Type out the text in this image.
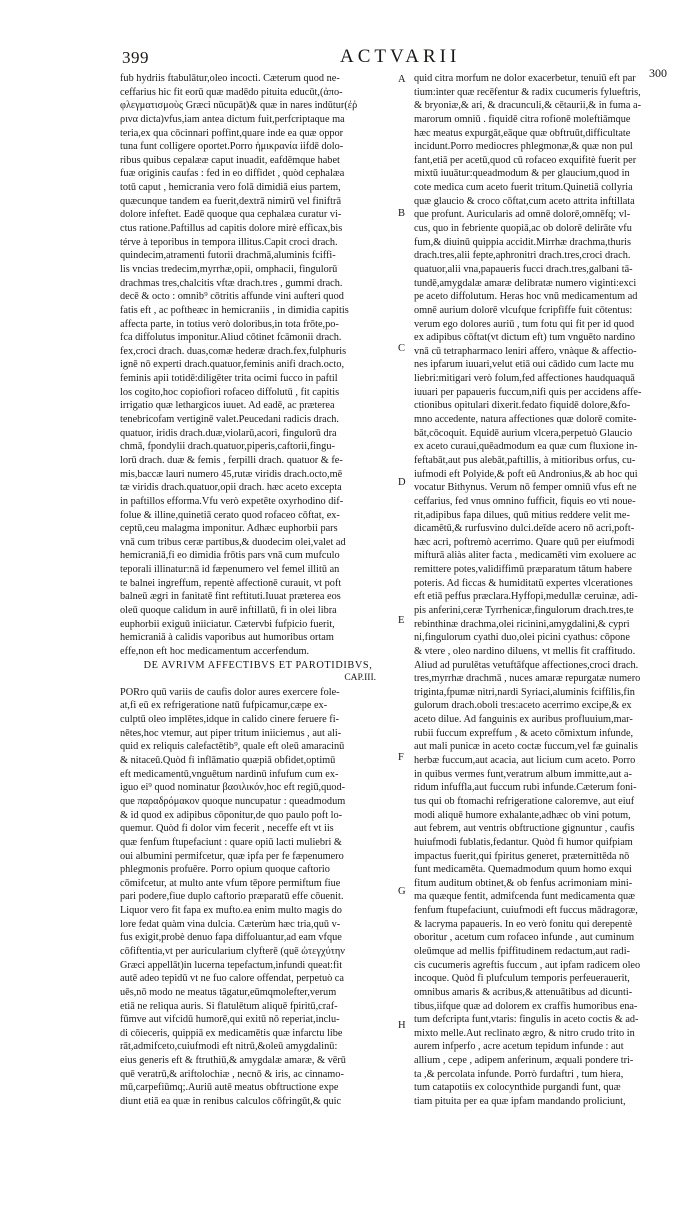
399	ACTVARII
300
fub hydriis ftabulātur,oleo incocti. Cæterum quod ne-
ceffarius hic fit eorū quæ madēdo pituita educūt,(ἀπο-
φλεγματισμοὺς Græci nūcupāt)& quæ in nares indūtur(ἐῤ
ρινα dicta)vfus,iam antea dictum fuit,perfcriptaque ma
teria,ex qua cōcinnari poffint,quare inde ea quæ oppor
tuna funt colligere oportet.Porro ἡμικρανία iifdē dolo-
ribus quibus cepalææ caput inuadit, eafdēmque habet
fuæ originis caufas : fed in eo diffidet , quòd cephalæa
totū caput , hemicrania vero folā dimidiā eius partem,
quæcunque tandem ea fuerit,dextrā nimirū vel finiftrā
dolore infeftet. Eadē quoque qua cephalæa curatur vi-
ctus ratione.Paftillus ad capitis dolore mirè efficax,bis
térve à teporibus in tempora illitus.Capit croci drach.
quindecim,atramenti futorii drachmā,aluminis fciffi-
lis vncias tredecim,myrrhæ,opii, omphacii, fingulorū
drachmas tres,chalcitis vftæ drach.tres , gummi drach.
decē & octo : omnib⁹ cōtritis affunde vini aufteri quod
fatis eft , ac poftheæc in hemicraniis , in dimidia capitis
affecta parte, in totius verò doloribus,in tota frōte,po-
fca diffolutus imponitur.Aliud cōtinet fcāmonii drach.
fex,croci drach. duas,comæ hederæ drach.fex,fulphuris
ignē nō experti drach.quatuor,feminis anifi drach.octo,
feminis apii totidē:diligēter trita ocimi fucco in paftil
los cogito,hoc copiofiori rofaceo diffolutū , fit capitis
irrigatio quæ lethargicos iuuet. Ad eadē, ac præterea
tenebricofam vertiginē valet.Peucedani radicis drach.
quatuor, iridis drach.duæ,violarū,acori, fingulorū dra
chmā, fpondylii drach.quatuor,piperis,caftorii,fingu-
lorū drach. duæ & femis , ferpilli drach. quatuor & fe-
mis,baccæ lauri numero 45,rutæ viridis drach.octo,mē
tæ viridis drach.quatuor,opii drach. hæc aceto excepta
in paftillos efforma.Vfu verò expetēte oxyrhodino dif-
folue & illine,quinetiā cerato quod rofaceo cōftat, ex-
ceptū,ceu malagma imponitur. Adhæc euphorbii pars
vnā cum tribus ceræ partibus,& duodecim olei,valet ad
hemicraniā,fi eo dimidia frōtis pars vnā cum mufculo
teporali illinatur:nā id fæpenumero vel femel illitū an
te balnei ingreffum, repentè affectionē curauit, vt poft
balneū ægri in fanitatē fint reftituti.Iuuat præterea eos
oleū quoque calidum in aurē inftillatū, fi in olei libra
euphorbii exiguū iniiciatur. Cætervbi fufpicio fuerit,
hemicraniā à calidis vaporibus aut humoribus ortam
effe,non eft hoc medicamentum accerfendum.
DE AVRIVM AFFECTIBVS ET PAROTIDIBVS,
CAP.III.
PORro quū variis de caufis dolor aures exercere fole-
at,fi eū ex refrigeratione natū fufpicamur,cæpe ex-
culptū oleo implētes,idque in calido cinere feruere fi-
nētes,hoc vtemur, aut piper tritum iniiciemus , aut ali-
quid ex reliquis calefactētib⁹, quale eft oleū amaracinū
& nitaceū.Quòd fi inflāmatio quæpiā obfidet,optimū
eft medicamentū,vnguētum nardinū infufum cum ex-
iguo ei⁹ quod nominatur βασιλικόν,hoc eft regiū,quod-
que παραδρόμακον quoque nuncupatur : queadmodum
& id quod ex adipibus cōponitur,de quo paulo poft lo-
quemur. Quòd fi dolor vim fecerit , neceffe eft vt iis
quæ fenfum ftupefaciunt : quare opiū lacti muliebri &
oui albumini permifcetur, quæ ipfa per fe fæpenumero
phlegmonis profuēre. Porro opium quoque caftorio
cōmifcetur, at multo ante vfum tēpore permiftum fiue
pari podere,fiue duplo caftorio præparatū effe cōuenit.
Liquor vero fit fapa ex mufto.ea enim multo magis do
lore fedat quàm vina dulcia. Cæterùm hæc tria,quū v-
fus exigit,probè denuo fapa diffoluantur,ad eam vfque
cōfiftentia,vt per auricularium clyfterē (quē ὠτεγχύτην
Græci appellāt)in lucerna tepefactum,infundi queat:fit
autē adeo tepidū vt ne fuo calore offendat, perpetuò ca
uēs,nō modo ne meatus tāgatur,eūmqmolefter,verum
etiā ne reliqua auris. Si flatulētum aliquē fpiritū,craf-
fūmve aut vifcidū humorē,qui exitū nō reperiat,inclu-
di cōieceris, quippiā ex medicamētis quæ infarctu libe
rāt,admifceto,cuiufmodi eft nitrū,&oleū amygdalinū:
eius generis eft & ftruthiū,& amygdalæ amaræ, & vērū
quē veratrū,& ariftolochiæ , necnō & iris, ac cinnamo-
mū,carpefiūmq;.Auriū autē meatus obftructione expe
diunt etiā ea quæ in renibus calculos cōfringūt,& quic
quid citra morfum ne dolor exacerbetur, tenuiū eft par
tium:inter quæ recēfentur & radix cucumeris fylueftris,
& bryoniæ,& ari, & dracunculi,& cētaurii,& in fuma a-
marorum omniū . fiquidē citra rofionē moleftiāmque
hæc meatus expurgāt,eāque quæ obftruūt,difficultate
incidunt.Porro mediocres phlegmonæ,& quæ non pul
fant,etiā per acetū,quod cū rofaceo exquifitè fuerit per
mixtū iuuātur:queadmodum & per glaucium,quod in
cote medica cum aceto fuerit tritum.Quinetiā collyria
quæ glaucio & croco cōftat,cum aceto attrita inftillata
que profunt. Auricularis ad omnē dolorē,omnēfq; vl-
cus, quo in febriente quopiā,ac ob dolorē delirāte vfu
fum,& diuinū quippia accidit.Mirrhæ drachma,thuris
drach.tres,alii fepte,aphronitri drach.tres,croci drach.
quatuor,alii vna,papaueris fucci drach.tres,galbani tā-
tundē,amygdalæ amaræ delibratæ numero viginti:exci
pe aceto diffolutum. Heras hoc vnū medicamentum ad
omnē aurium dolorē vlcufque fcripfiffe fuit cōtentus:
verum ego dolores auriū , tum fotu qui fit per id quod
ex adipibus cōftat(vt dictum eft) tum vnguēto nardino
vnā cū tetrapharmaco leniri affero, vnàque & affectio-
nes ipfarum iuuari,velut etiā oui cādido cum lacte mu
liebri:mitigari verò folum,fed affectiones haudquaquā
iuuari per papaueris fuccum,nifi quis per accidens affe-
ctionibus opitulari dixerit.fedato fiquidē dolore,&fo-
mno accedente, natura affectiones quæ dolorē comite-
bāt,cōcoquit. Equidē aurium vlcera,perpetuò Glaucio
ex aceto curaui,quēadmodum ea quæ cum fluxione in-
feftabāt,aut pus alebāt,paftillis, à mitioribus orfus, cu-
iufmodi eft Polyide,& poft eū Andronius,& ab hoc qui
vocatur Bithynus. Verum nō femper omniū vfus eft ne
ceffarius, fed vnus omnino fufficit, fiquis eo vti noue-
rit,adipibus fapa dilues, quū mitius reddere velit me-
dicamētū,& rurfusvino dulci.deīde acero nō acri,poft-
hæc acri, poftremò acerrimo. Quare quū per eiufmodi
mifturā aliàs aliter facta , medicamēti vim exoluere ac
remittere potes,validiffimū præparatum tātum habere
poteris. Ad ficcas & humiditatū expertes vlcerationes
eft etiā peffus præclara.Hyffopi,medullæ ceruinæ, adi-
pis anferini,ceræ Tyrrhenicæ,fingulorum drach.tres,te
rebinthinæ drachma,olei ricinini,amygdalini,& cypri
ni,fingulorum cyathi duo,olei picini cyathus: cōpone
& vtere , oleo nardino diluens, vt mellis fit craffitudo.
Aliud ad purulētas vetuftāfque affectiones,croci drach.
tres,myrrhæ drachmā , nuces amaræ repurgatæ numero
triginta,fpumæ nitri,nardi Syriaci,aluminis fciffilis,fin
gulorum drach.oboli tres:aceto acerrimo excipe,& ex
aceto dilue. Ad fanguinis ex auribus profluuium,mar-
rubii fuccum expreffum , & aceto cōmixtum infunde,
aut mali punicæ in aceto coctæ fuccum,vel fæ guinalis
herbæ fuccum,aut acacia, aut licium cum aceto. Porro
in quibus vermes funt,veratrum album immitte,aut a-
ridum infuffla,aut fuccum rubi infunde.Cæterum foni-
tus qui ob ftomachi refrigeratione caloremve, aut eiuf
modi aliquē humore exhalante,adhæc ob vini potum,
aut febrem, aut ventris obftructione gignuntur , caufis
huiufmodi fublatis,fedantur. Quòd fi humor quifpiam
impactus fuerit,qui fpiritus generet, præternittēda nō
funt medicamēta. Quemadmodum quum homo exqui
fitum auditum obtinet,& ob fenfus acrimoniam mini-
ma quæque fentit, admifcenda funt medicamenta quæ
fenfum ftupefaciunt, cuiufmodi eft fuccus mādragoræ,
& lacryma papaueris. In eo verò fonitu qui derepentè
oboritur , acetum cum rofaceo infunde , aut cuminum
oleūmque ad mellis fpiffitudinem redactum,aut radi-
cis cucumeris agreftis fuccum , aut ipfam radicem oleo
incoque. Quòd fi plufculum temporis perfeuerauerit,
omnibus amaris & acribus,& attenuātibus ad dicunti-
tibus,iifque quæ ad dolorem ex craffis humoribus ena-
tum defcripta funt,vtaris: fingulis in aceto coctis & ad-
mixto melle.Aut reclinato ægro, & nitro crudo trito in
aurem infperfo , acre acetum tepidum infunde : aut
allium , cepe , adipem anferinum, æquali pondere tri-
ta ,& percolata infunde. Porrò furdaftri , tum hiera,
tum catapotiis ex colocynthide purgandi funt, quæ
tiam pituita per ea quæ ipfam mandando proliciunt,
A
B
C
D
E
F
G
H
